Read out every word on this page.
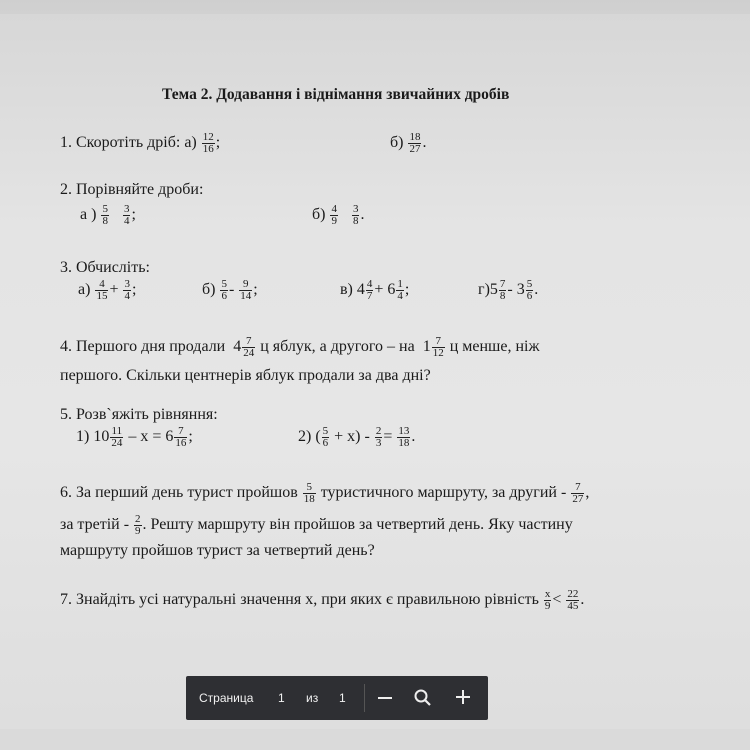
Тема 2. Додавання і віднімання звичайних дробів
1. Скоротіть дріб: $а) \frac{12}{16}$ ;	$б) \frac{18}{27}$ .
2. Порівняйте дроби:
а ) $\frac{5}{8}$
$\frac{3}{4}$ ;	$б) \frac{4}{9}$
$\frac{3}{8}$ .
3. Обчисліть:
$а) \frac{4}{15} + \frac{3}{4}$ ;	$б) \frac{5}{6} - \frac{9}{14}$ ;	в) $4 \frac{4}{7} + 6 \frac{1}{4}$ ;	$г)5 \frac{7}{8} - 3 \frac{5}{6}$ .
4. Першого дня продали $4 \frac{7}{24}$ ц яблук, а другого – на $1 \frac{7}{12}$ ц менше, ніж
першого. Скільки центнерів яблук продали за два дні?
5. Розв`яжіть рівняння:
1) $10 \frac{11}{24} - x = 6 \frac{7}{16}$ ;	2) ( $\frac{5}{6} + x) - \frac{2}{3} = \frac{13}{18}$ .
6. За перший день турист пройшов $\frac{5}{18}$ туристичного маршруту, за другий - $\frac{7}{27}$ ,
за третій - $\frac{2}{9}$ . Решту маршруту він пройшов за четвертий день. Яку частину
маршруту пройшов турист за четвертий день?
7. Знайдіть усі натуральні значення х, при яких є правильною рівність $\frac{x}{9} < \frac{22}{45}$ .
Страница 1 из 1
